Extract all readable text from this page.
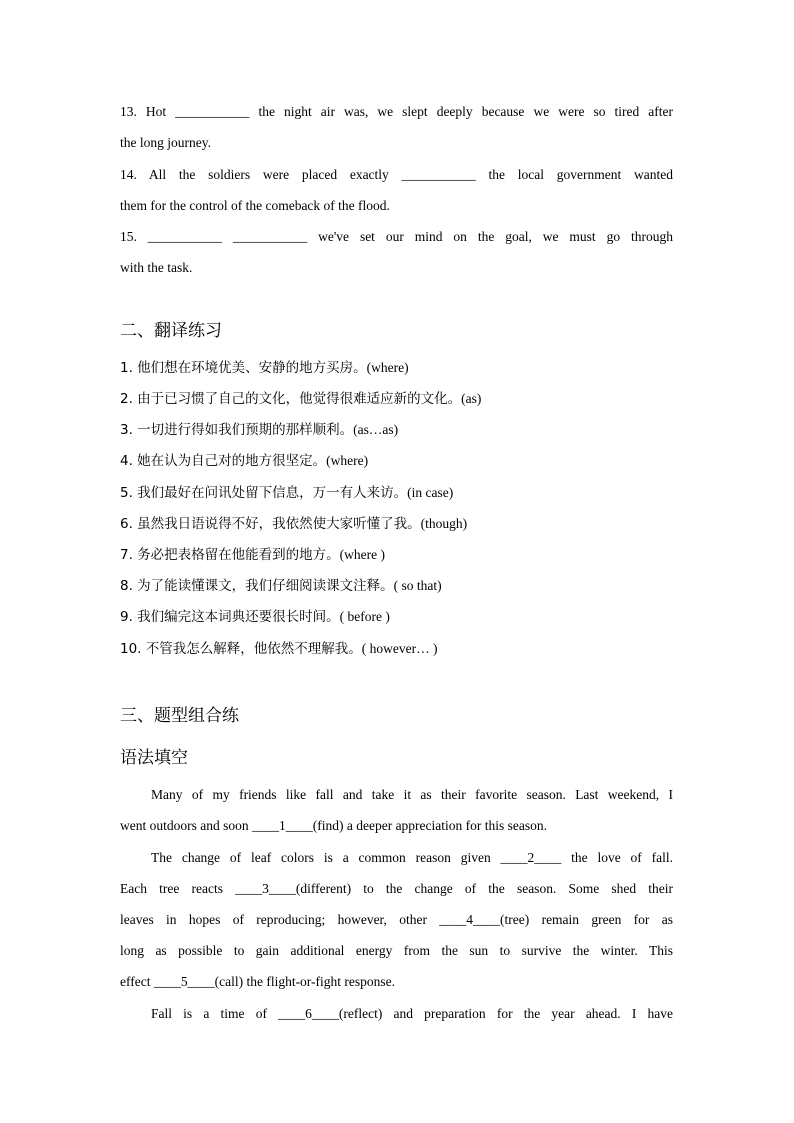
13. Hot ___________ the night air was, we slept deeply because we were so tired after
the long journey.
14. All the soldiers were placed exactly ___________ the local government wanted
them for the control of the comeback of the flood.
15. ___________ ___________ we've set our mind on the goal, we must go through
with the task.
二、翻译练习
1. 他们想在环境优美、安静的地方买房。(where)
2. 由于已习惯了自己的文化，他觉得很难适应新的文化。(as)
3. 一切进行得如我们预期的那样顺利。(as…as)
4. 她在认为自己对的地方很坚定。(where)
5. 我们最好在问讯处留下信息，万一有人来访。(in case)
6. 虽然我日语说得不好，我依然使大家听懂了我。(though)
7. 务必把表格留在他能看到的地方。(where )
8. 为了能读懂课文，我们仔细阅读课文注释。( so that)
9. 我们编完这本词典还要很长时间。( before )
10. 不管我怎么解释，他依然不理解我。( however… )
三、题型组合练
语法填空
Many of my friends like fall and take it as their favorite season. Last weekend, I
went outdoors and soon ____1____(find) a deeper appreciation for this season.
The change of leaf colors is a common reason given ____2____ the love of fall.
Each tree reacts ____3____(different) to the change of the season. Some shed their
leaves in hopes of reproducing; however, other ____4____(tree) remain green for as
long as possible to gain additional energy from the sun to survive the winter. This
effect ____5____(call) the flight-or-fight response.
Fall is a time of ____6____(reflect) and preparation for the year ahead. I have
